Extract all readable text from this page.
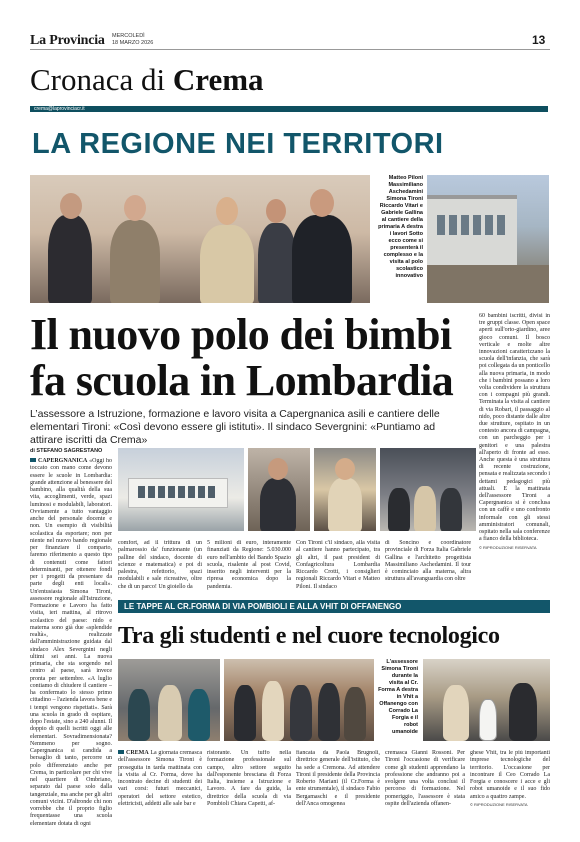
La Provincia MERCOLEDÌ
18 MARZO 2026	13
Cronaca di Crema
crema@laprovinciacr.it
LA REGIONE NEI TERRITORI
Matteo Piloni Massimiliano Aschedamini Simona Tironi Riccardo Vitari e Gabriele Gallina al cantiere della primaria A destra i lavori Sotto ecco come si presenterà il complesso e la visita al polo scolastico innovativo
Il nuovo polo dei bimbi
fa scuola in Lombardia
L’assessore a Istruzione, formazione e lavoro visita a Capergnanica asili e cantiere delle elementari Tironi: «Così devono essere gli istituti». Il sindaco Severgnini: «Puntiamo ad attirare iscritti da Crema»
60 bambini iscritti, divisi in tre gruppi classe. Open space aperti sull'orto-giardino, aree gioco comuni. Il bosco verticale e molte altre innovazioni caratterizzano la scuola dell'infanzia, che sarà poi collegata da un ponticello alla nuova primaria, in modo che i bambini possano a loro volta condividere la struttura con i compagni più grandi. Terminata la visita al cantiere di via Robari, il passaggio al nido, poco distante dalle altre due strutture, ospitato in un contesto ancora di campagna, con un parcheggio per i genitori e una palestra all'aperto di fronte ad esso. Anche questa è una struttura di recente costruzione, pensata e realizzata secondo i dettami pedagogici più attuali. E la mattinata dell'assessore Tironi a Capergnanica si è conclusa con un caffè e uno confronto informale con gli stessi amministratori comunali, ospitato nella sala conferenze a fianco della biblioteca.
© RIPRODUZIONE RISERVATA
di STEFANO SAGRESTANO
CAPERGNANICA «Oggi ho toccato con mano come devono essere le scuole in Lombardia: grande attenzione al benessere del bambino, alla qualità della sua vita, accoglimenti, verde, spazi luminosi e modulabili, laboratori. Ovviamente a tutto vantaggio anche del personale docente e non. Un esempio di visibilità scolastica da esportare; non per niente nel nuovo bando regionale per finanziare il comparto, faremo riferimento a questo tipo di contenuti come fattori determinanti, per ottenere fondi per i progetti da presentare da parte degli enti locali». Un'entusiasta Simona Tironi, assessore regionale all'Istruzione, Formazione e Lavoro ha fatto visita, ieri mattina, al ritrovo scolastico del paese: nido e materna sono già due «splendide realtà», realizzate dall'amministrazione guidata dal sindaco Alex Severgnini negli ultimi sei anni. La nuova primaria, che sta sorgendo nel centro al paese, sarà invece pronta per settembre. «A luglio contiamo di chiudere il cantiere – ha confermato lo stesso primo cittadino – l'azienda lavora bene e i tempi vengono rispettati». Sarà una scuola in grado di ospitare, dopo l'estate, sino a 240 alunni. Il doppio di quelli iscritti oggi alle elementari. Sovradimensionata? Nemmeno per sogno. Capergnanica si candida a bersaglio di tanto, percorre un polo differenziato anche per Crema, in particolare per chi vive nel quartiere di Ombriano, separato dal paese solo dalla tangenziale, ma anche per gli altri comuni vicini. D'altronde chi non vorrebbe che il proprio figlio frequentasse una scuola elementare dotata di ogni
comfort, ad il trittura di un palmarossio da' funzionante (un palline del sindaco, docente di scienze e matematica) e poi di palestra, refettorio, spazi modulabili e sale ricreative, oltre che di un parco! Un gioiello da
5 milioni di euro, interamente finanziati da Regione: 5.030.000 euro nell'ambito del Bando Spazio scuola, risalente al post Covid, inserito negli interventi per la ripresa economica dopo la pandemia.
Con Tironi c'il sindaco, alla visita al cantiere hanno partecipato, tra gli altri, il past president di Confagricoltura Lombardia Riccardo Crotti, i consiglieri regionali Riccardo Vitari e Matteo Piloni. Il sindaco
di Soncino e coordinatore provinciale di Forza Italia Gabriele Gallina e l'architetto progettista Massimiliano Aschedamini. Il tour è cominciato alla materna, altra struttura all'avanguardia con oltre
LE TAPPE AL CR.FORMA DI VIA POMBIOLI E ALLA VHIT DI OFFANENGO
Tra gli studenti e nel cuore tecnologico
L'assessore Simona Tironi durante la visita al Cr. Forma A destra in Vhit a Offanengo con Corrado La Forgia e il robot umanoide
CREMA La giornata cremasca dell'assessore Simona Tironi è proseguita in tarda mattinata con la visita al Cr. Forma, dove ha incontrato decine di studenti dei vari corsi: futuri meccanici, operatori del settore estetico, elettricisti, addetti alle sale bar e
ristorante. Un tuffo nella formazione professionale sul campo, altro settore seguito dall'esponente bresciana di Forza Italia, insieme a Istruzione e Lavoro. A fare da guida, la direttrice della scuola di via Pombioli Chiara Capetti, af-
fiancata da Paola Brugnoli, direttrice generale dell'istituto, che ha sede a Cremona. Ad attendere Tironi il presidente della Provincia Roberto Mariani (il Cr.Forma è ente strumentale), il sindaco Fabio Bergamaschi e il presidente dell'Anca omogenea
cremasca Gianni Rossoni. Per Tironi l'occasione di verificare come gli studenti apprendano la professione che andranno poi a svolgere una volta conclusi il percorso di formazione. Nel pomeriggio, l'assessore è stata ospite dell'azienda offanen-
ghese Vhit, tra le più importanti imprese tecnologiche del territorio. L'occasione per incontrare il Ceo Corrado La Forgia e conoscere i acce e gli robot umanoide e il suo fido amico a quattro zampe.
© RIPRODUZIONE RISERVATA
